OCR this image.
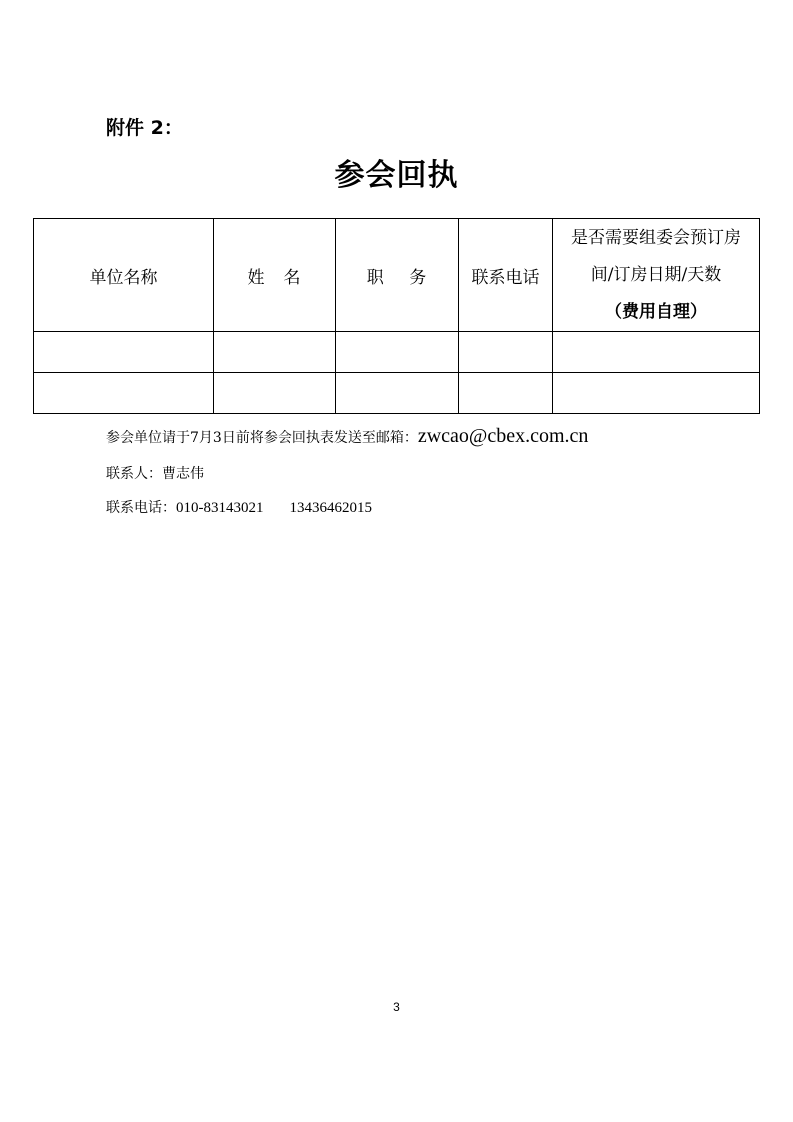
附件 2：
参会回执
单位名称	姓　名	职　 务	联系电话	是否需要组委会预订房
间/订房日期/天数
（费用自理）

参会单位请于7月3日前将参会回执表发送至邮箱：zwcao@cbex.com.cn
联系人：曹志伟
联系电话：010-83143021 13436462015
3
